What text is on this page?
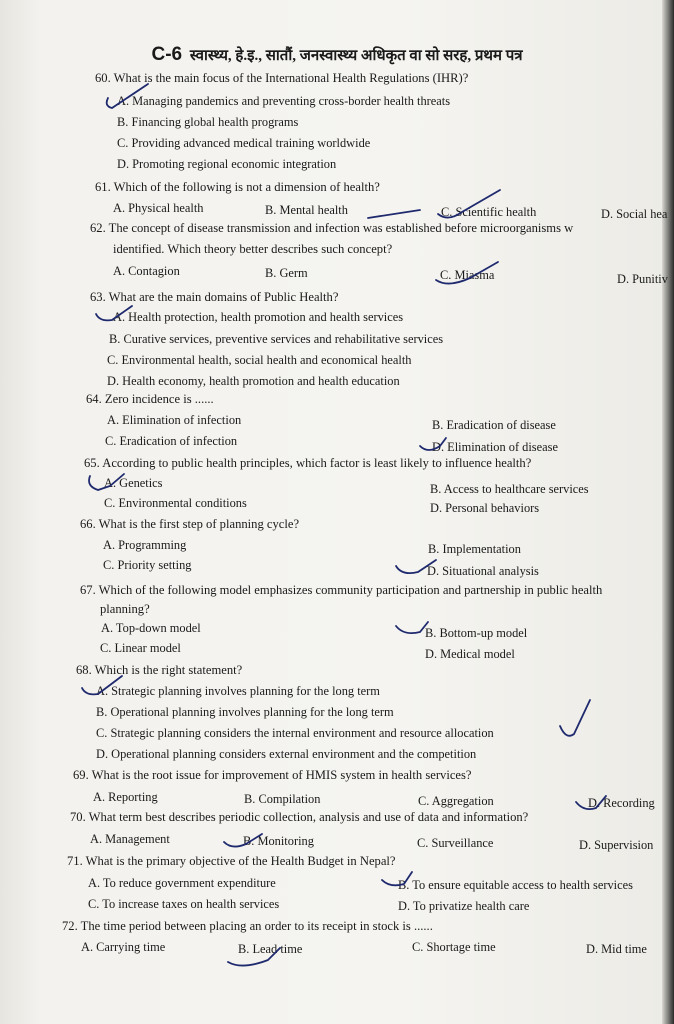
C-6 स्वास्थ्य, हे.इ., सातौं, जनस्वास्थ्य अधिकृत वा सो सरह, प्रथम पत्र
60. What is the main focus of the International Health Regulations (IHR)?
A. Managing pandemics and preventing cross-border health threats
B. Financing global health programs
C. Providing advanced medical training worldwide
D. Promoting regional economic integration
61. Which of the following is not a dimension of health?
A. Physical health	B. Mental health	C. Scientific health	D. Social hea
62. The concept of disease transmission and infection was established before microorganisms w
identified. Which theory better describes such concept?
A. Contagion	B. Germ	C. Miasma	D. Punitiv
63. What are the main domains of Public Health?
A. Health protection, health promotion and health services
B. Curative services, preventive services and rehabilitative services
C. Environmental health, social health and economical health
D. Health economy, health promotion and health education
64. Zero incidence is ......
A. Elimination of infection	B. Eradication of disease
C. Eradication of infection	D. Elimination of disease
65. According to public health principles, which factor is least likely to influence health?
A. Genetics	B. Access to healthcare services
C. Environmental conditions	D. Personal behaviors
66. What is the first step of planning cycle?
A. Programming	B. Implementation
C. Priority setting	D. Situational analysis
67. Which of the following model emphasizes community participation and partnership in public health
planning?
A. Top-down model	B. Bottom-up model
C. Linear model	D. Medical model
68. Which is the right statement?
A. Strategic planning involves planning for the long term
B. Operational planning involves planning for the long term
C. Strategic planning considers the internal environment and resource allocation
D. Operational planning considers external environment and the competition
69. What is the root issue for improvement of HMIS system in health services?
A. Reporting	B. Compilation	C. Aggregation	D. Recording
70. What term best describes periodic collection, analysis and use of data and information?
A. Management	B. Monitoring	C. Surveillance	D. Supervision
71. What is the primary objective of the Health Budget in Nepal?
A. To reduce government expenditure	B. To ensure equitable access to health services
C. To increase taxes on health services	D. To privatize health care
72. The time period between placing an order to its receipt in stock is ......
A. Carrying time	B. Lead time	C. Shortage time	D. Mid time
